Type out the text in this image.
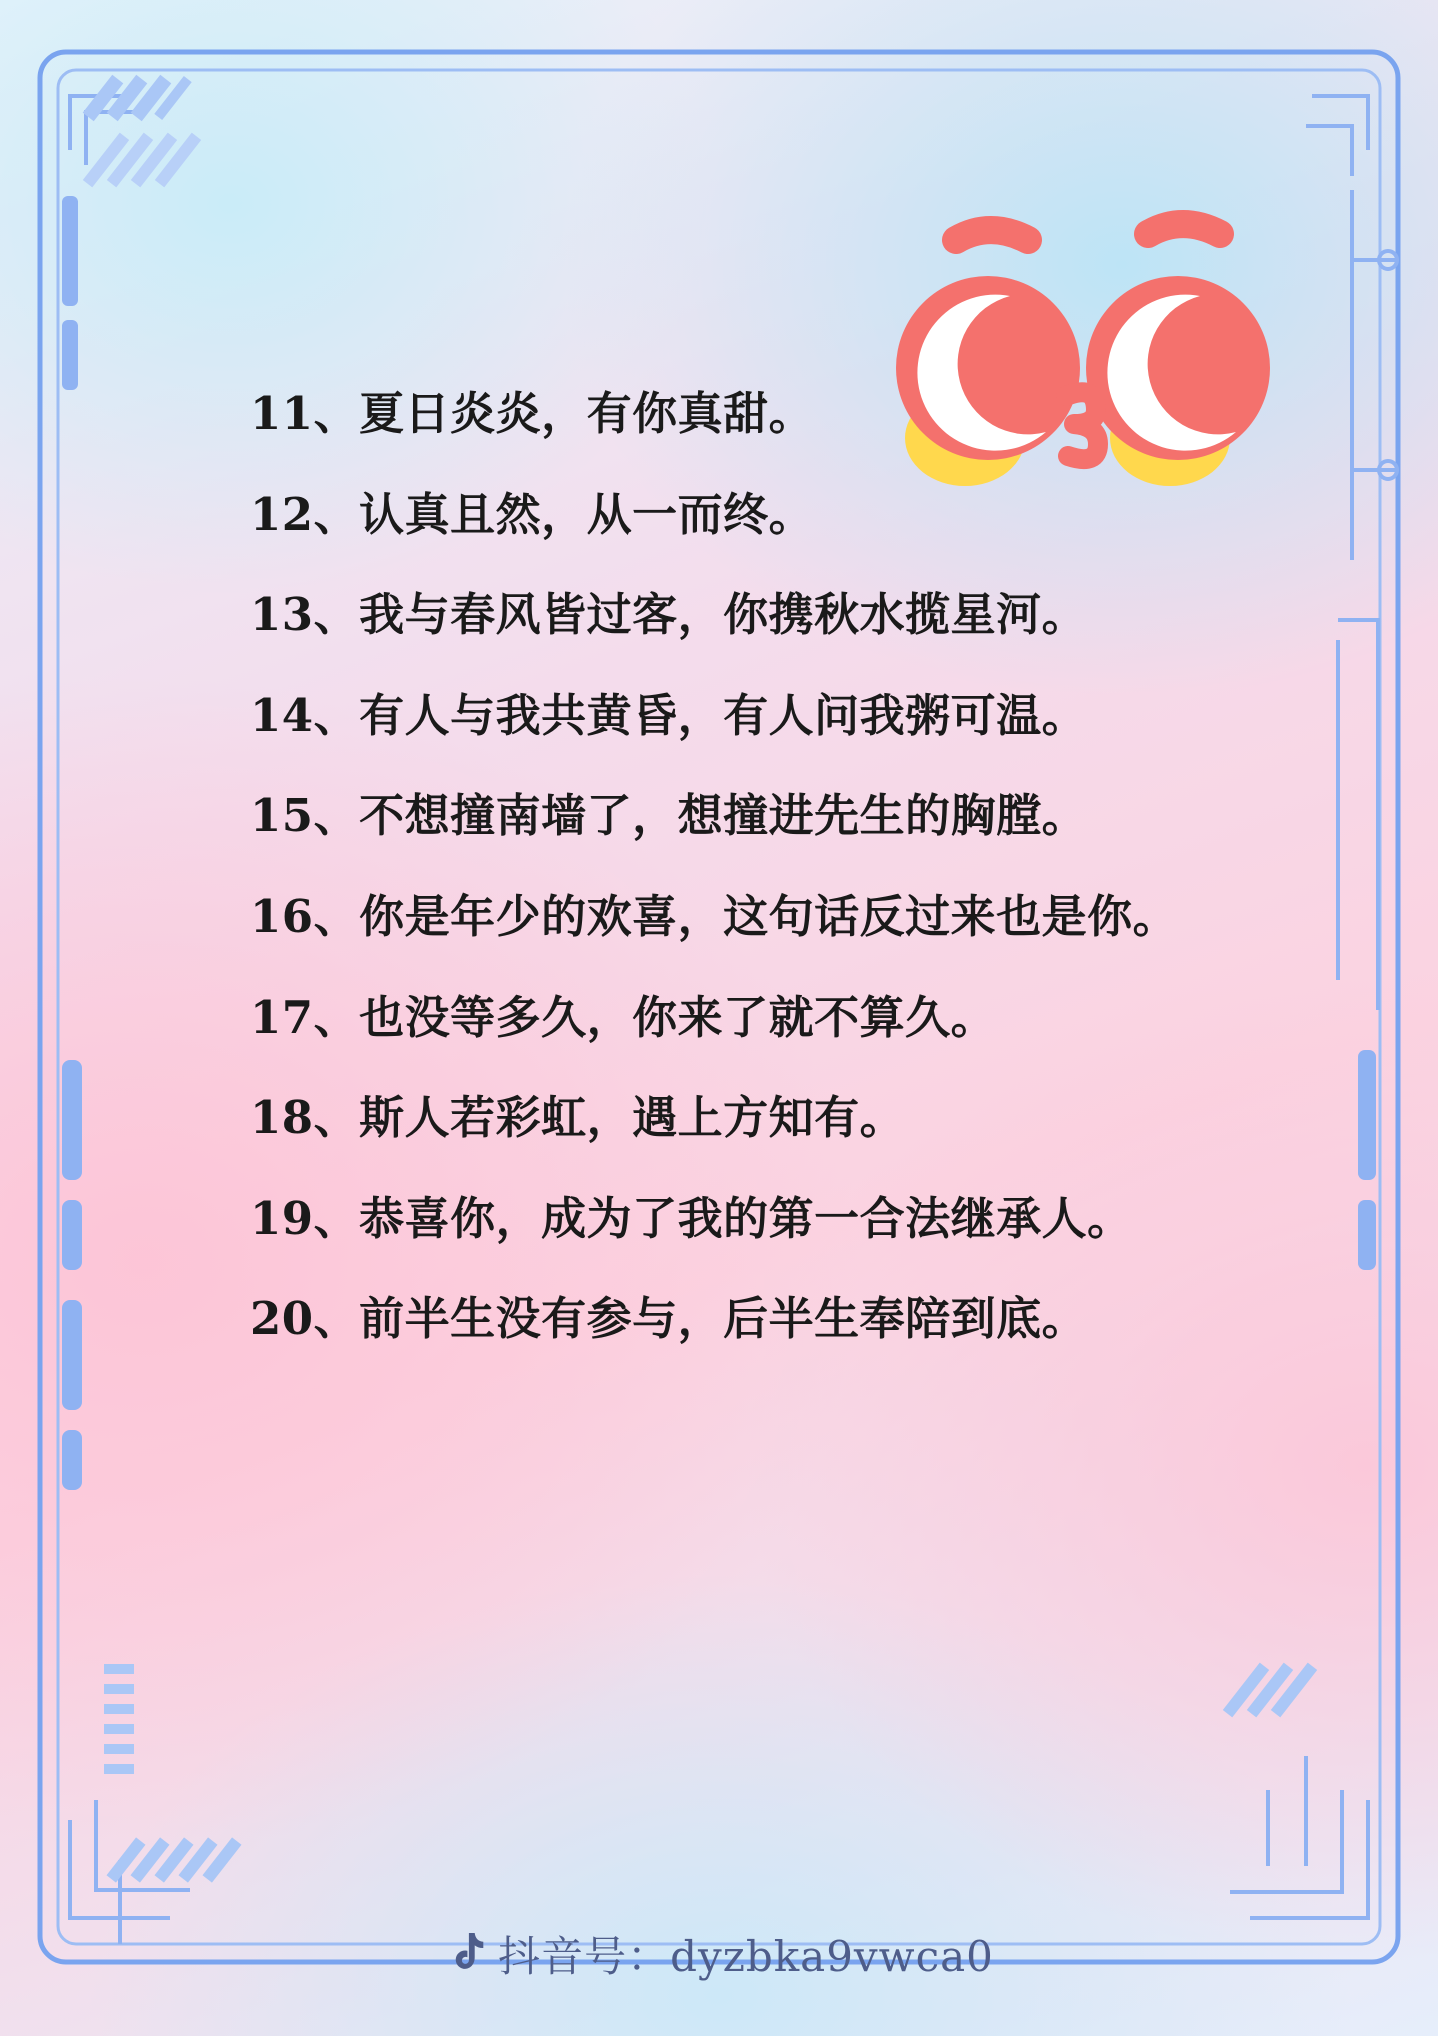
11、 夏日炎炎，有你真甜。
12、 认真且然，从一而终。
13、 我与春风皆过客，你携秋水揽星河。
14、 有人与我共黄昏，有人问我粥可温。
15、 不想撞南墙了，想撞进先生的胸膛。
16、 你是年少的欢喜，这句话反过来也是你。
17、 也没等多久，你来了就不算久。
18、 斯人若彩虹，遇上方知有。
19、 恭喜你，成为了我的第一合法继承人。
20、 前半生没有参与，后半生奉陪到底。
抖音号：dyzbka9vwca0
